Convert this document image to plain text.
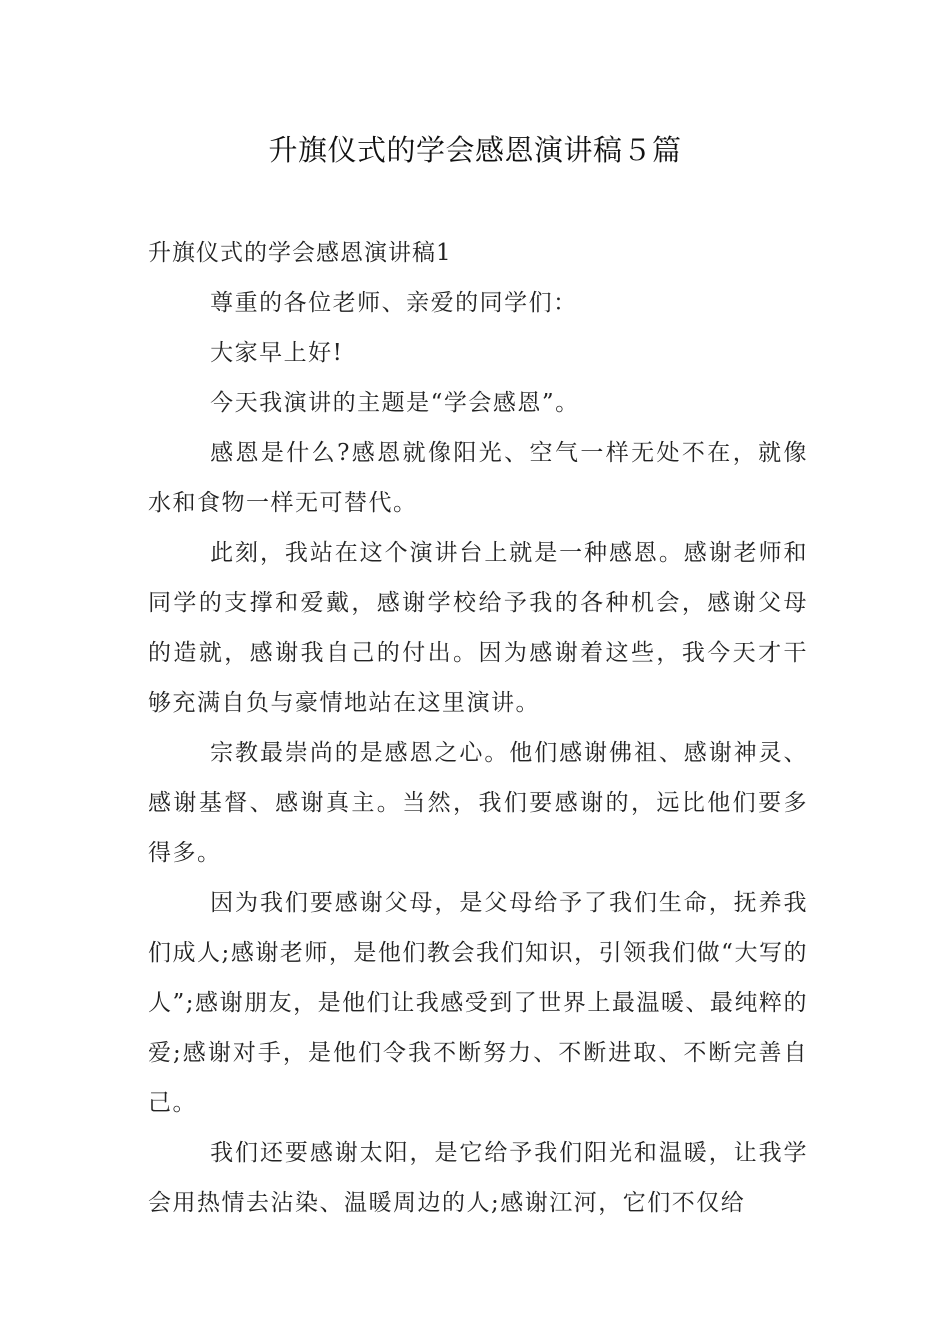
升旗仪式的学会感恩演讲稿５篇
升旗仪式的学会感恩演讲稿1

尊重的各位老师、亲爱的同学们：

大家早上好!

今天我演讲的主题是“学会感恩”。

感恩是什么?感恩就像阳光、空气一样无处不在，就像水和食物一样无可替代。

此刻，我站在这个演讲台上就是一种感恩。感谢老师和同学的支撑和爱戴，感谢学校给予我的各种机会，感谢父母的造就，感谢我自己的付出。因为感谢着这些，我今天才干够充满自负与豪情地站在这里演讲。

宗教最崇尚的是感恩之心。他们感谢佛祖、感谢神灵、感谢基督、感谢真主。当然，我们要感谢的，远比他们要多得多。

因为我们要感谢父母，是父母给予了我们生命，抚养我们成人;感谢老师，是他们教会我们知识，引领我们做“大写的人”;感谢朋友，是他们让我感受到了世界上最温暖、最纯粹的爱;感谢对手，是他们令我不断努力、不断进取、不断完善自己。

我们还要感谢太阳，是它给予我们阳光和温暖，让我学会用热情去沾染、温暖周边的人;感谢江河，它们不仅给
